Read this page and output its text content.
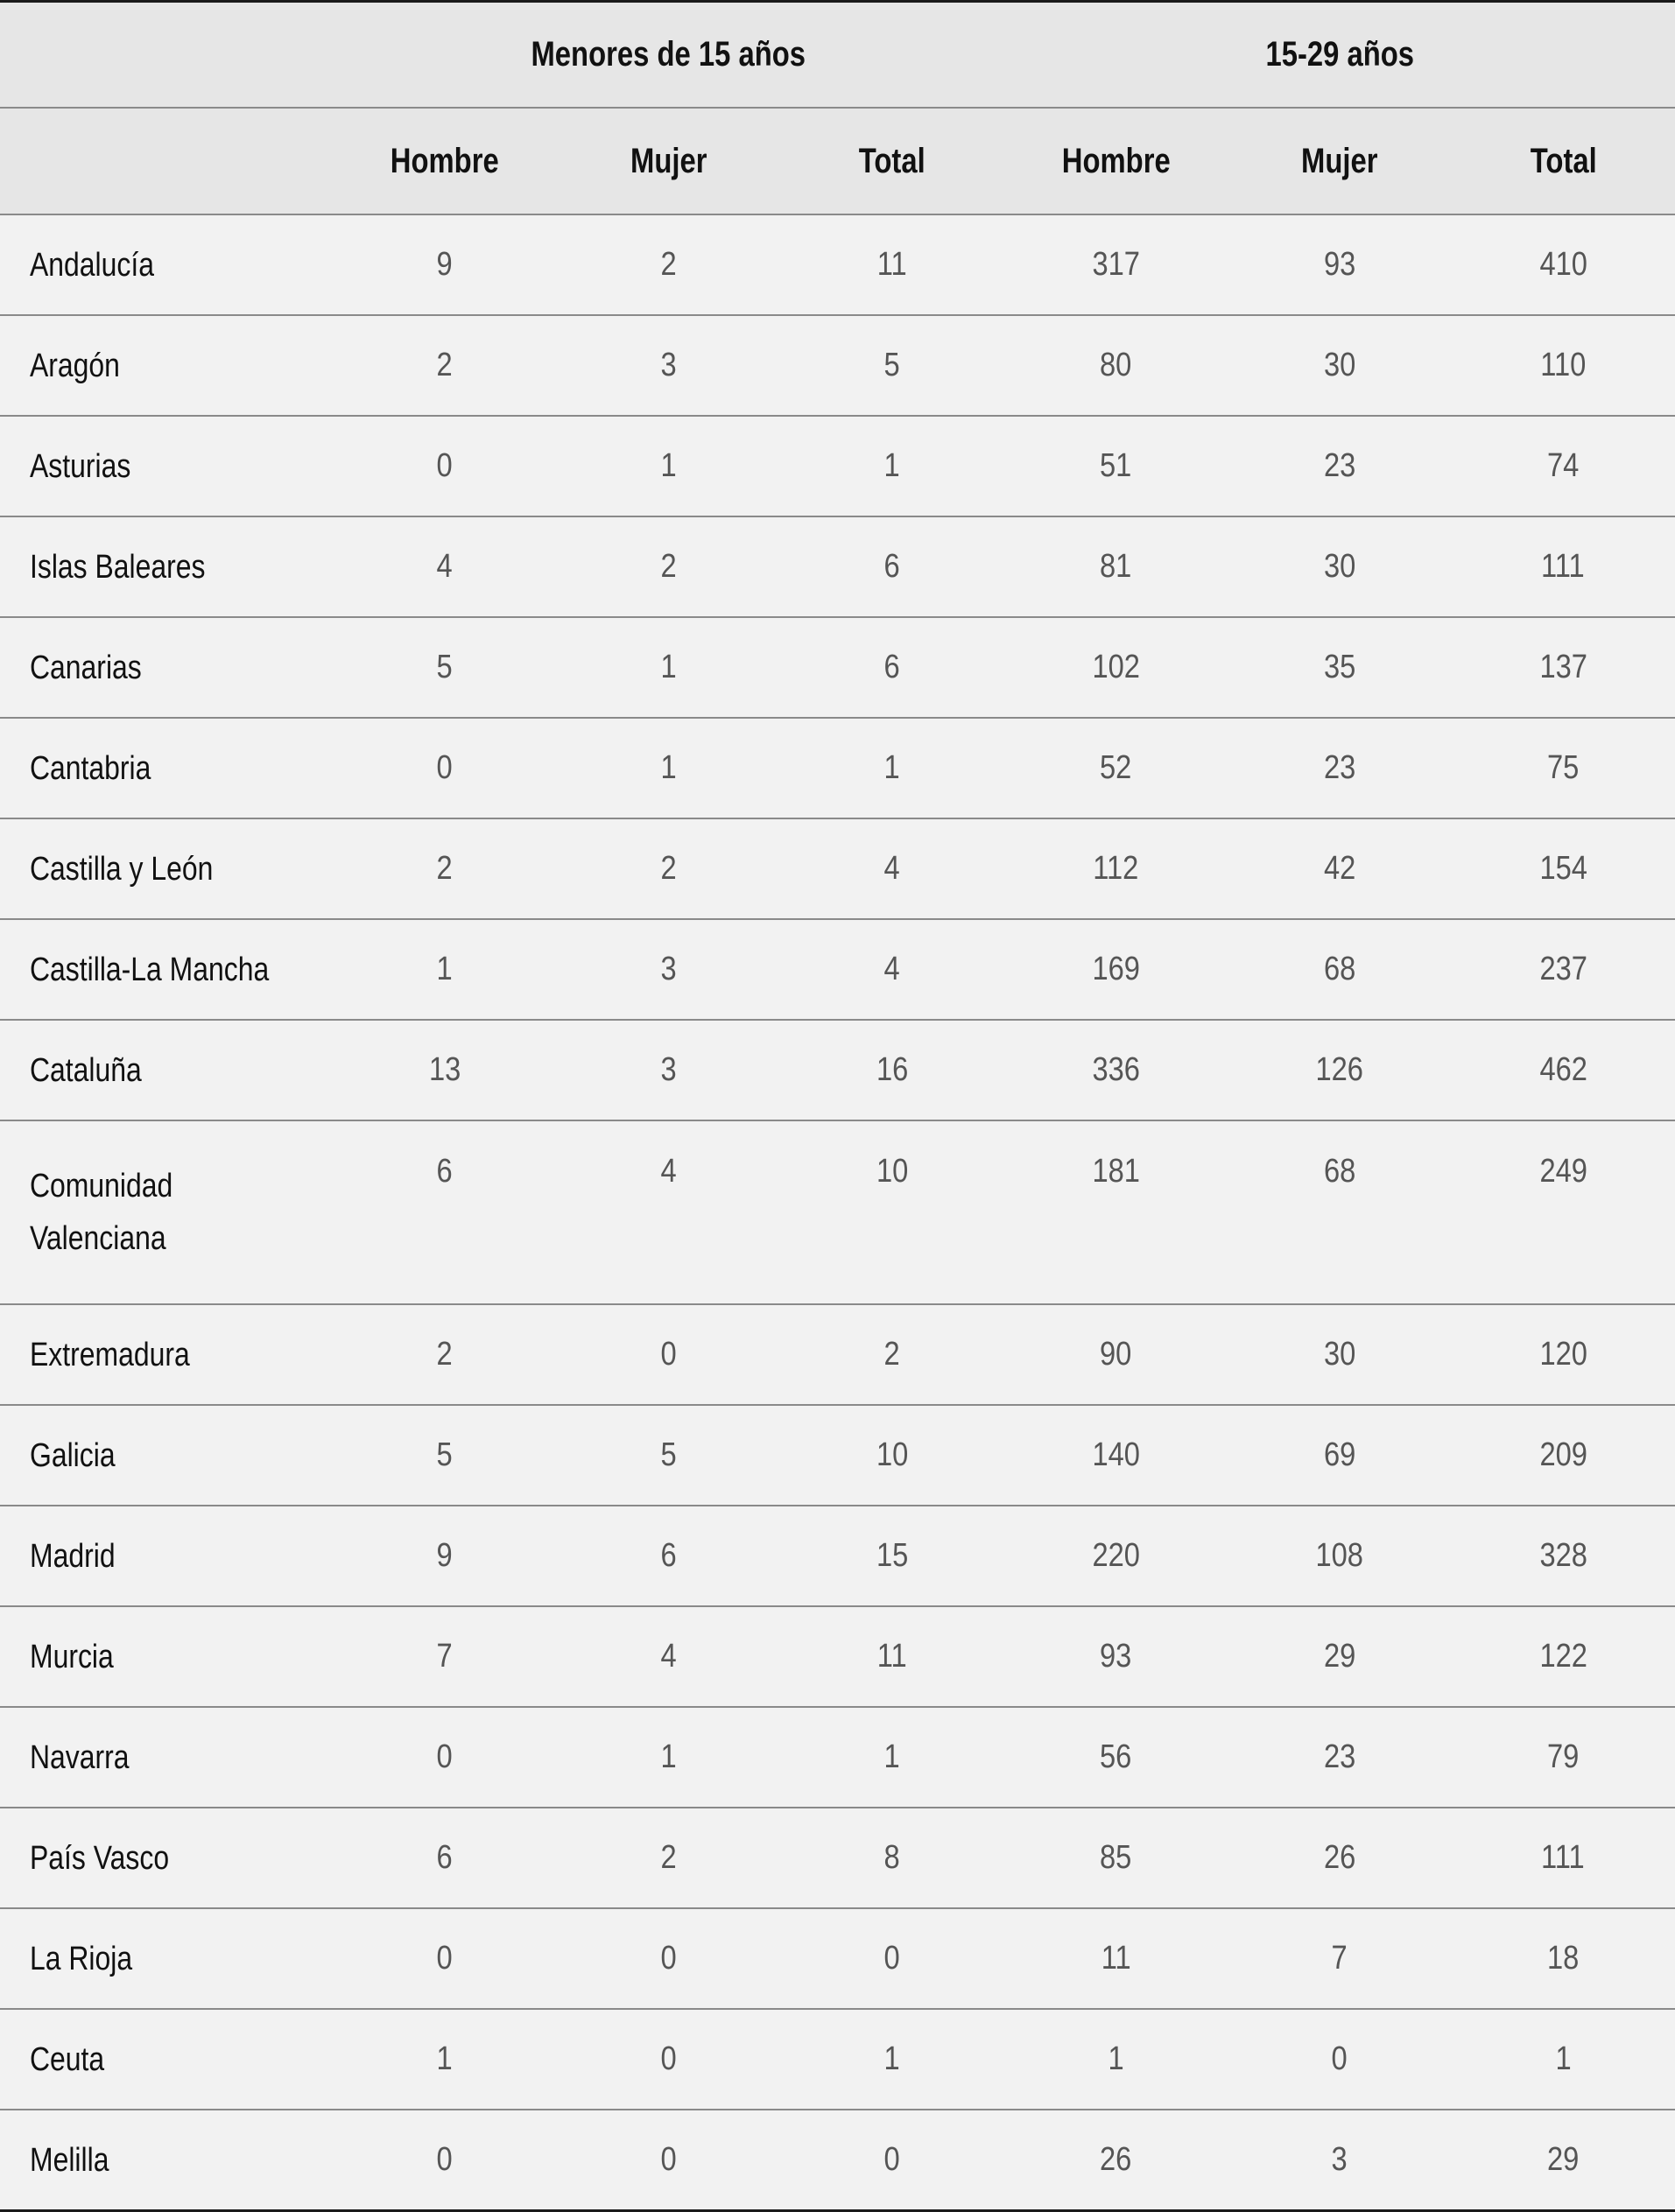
	Menores de 15 años			15-29 años		
	Hombre	Mujer	Total	Hombre	Mujer	Total
Andalucía	9	2	11	317	93	410
Aragón	2	3	5	80	30	110
Asturias	0	1	1	51	23	74
Islas Baleares	4	2	6	81	30	111
Canarias	5	1	6	102	35	137
Cantabria	0	1	1	52	23	75
Castilla y León	2	2	4	112	42	154
Castilla-La Mancha	1	3	4	169	68	237
Cataluña	13	3	16	336	126	462
Comunidad Valenciana	6	4	10	181	68	249
Extremadura	2	0	2	90	30	120
Galicia	5	5	10	140	69	209
Madrid	9	6	15	220	108	328
Murcia	7	4	11	93	29	122
Navarra	0	1	1	56	23	79
País Vasco	6	2	8	85	26	111
La Rioja	0	0	0	11	7	18
Ceuta	1	0	1	1	0	1
Melilla	0	0	0	26	3	29
